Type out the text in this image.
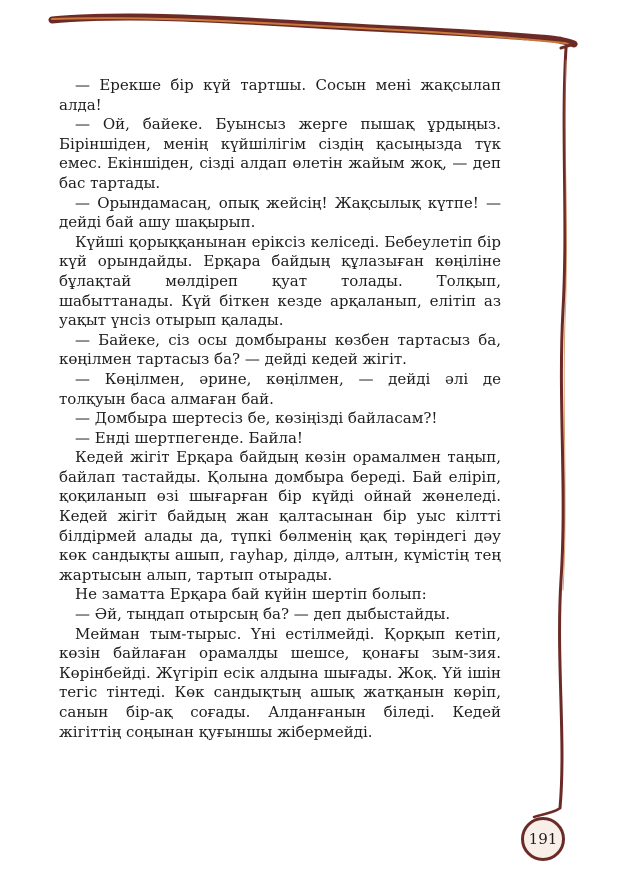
— Ерекше бір күй тартшы. Сосын мені жақсылап алда!

— Ой, байеке. Буынсыз жерге пышақ ұрдыңыз. Біріншіден, менің күйшілігім сіздің қасыңызда түк емес. Екіншіден, сізді алдап өлетін жайым жоқ, — деп бас тартады.

— Орындамасаң, опық жейсің! Жақсылық күтпе! — дейді бай ашу шақырып.

Күйші қорыққанынан еріксіз келіседі. Бебеулетіп бір күй орындайды. Ерқара байдың құлазыған көңіліне бұлақтай мөлдіреп қуат толады. Толқып, шабыттанады. Күй біткен кезде арқаланып, елітіп аз уақыт үнсіз отырып қалады.

— Байеке, сіз осы домбыраны көзбен тартасыз ба, көңілмен тартасыз ба? — дейді кедей жігіт.

— Көңілмен, әрине, көңілмен, — дейді әлі де толқуын баса алмаған бай.

— Домбыра шертесіз бе, көзіңізді байласам?!

— Енді шертпегенде. Байла!

Кедей жігіт Ерқара байдың көзін орамалмен таңып, байлап тастайды. Қолына домбыра береді. Бай еліріп, қоқиланып өзі шығарған бір күйді ойнай жөнеледі. Кедей жігіт байдың жан қалтасынан бір уыс кілтті білдірмей алады да, түпкі бөлменің қақ төріндегі дәу көк сандықты ашып, гауһар, ділдә, алтын, күмістің тең жартысын алып, тартып отырады.

Не заматта Ерқара бай күйін шертіп болып:

— Әй, тыңдап отырсың ба? — деп дыбыстайды.

Мейман тым-тырыс. Үні естілмейді. Қорқып кетіп, көзін байлаған орамалды шешсе, қонағы зым-зия. Көрінбейді. Жүгіріп есік алдына шығады. Жоқ. Үй ішін тегіс тінтеді. Көк сандықтың ашық жатқанын көріп, санын бір-ақ соғады. Алданғанын біледі. Кедей жігіттің соңынан қуғыншы жібермейді.

191
